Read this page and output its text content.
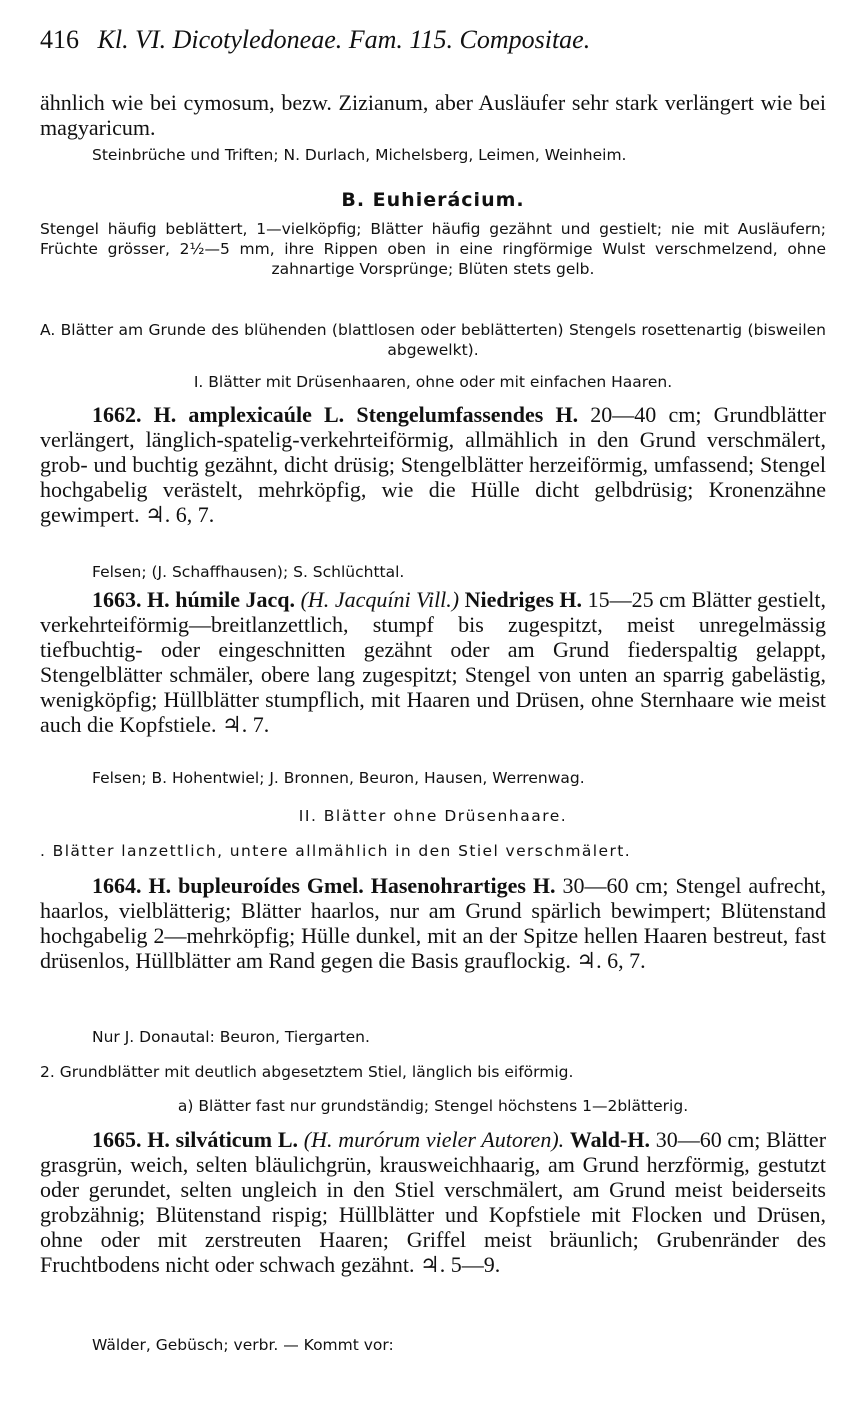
416 Kl. VI. Dicotyledoneae. Fam. 115. Compositae.
ähnlich wie bei cymosum, bezw. Zizianum, aber Ausläufer sehr stark verlängert wie bei magyaricum.
Steinbrüche und Triften; N. Durlach, Michelsberg, Leimen, Weinheim.
B. Euhierácium.
Stengel häufig beblättert, 1—vielköpfig; Blätter häufig gezähnt und gestielt; nie mit Ausläufern; Früchte grösser, 2½—5 mm, ihre Rippen oben in eine ringförmige Wulst verschmelzend, ohne zahnartige Vorsprünge; Blüten stets gelb.
A. Blätter am Grunde des blühenden (blattlosen oder beblätterten) Stengels rosettenartig (bisweilen abgewelkt).
I. Blätter mit Drüsenhaaren, ohne oder mit einfachen Haaren.
1662. H. amplexicaúle L. Stengelumfassendes H. 20—40 cm; Grundblätter verlängert, länglich-spatelig-verkehrteiförmig, allmählich in den Grund verschmälert, grob- und buchtig gezähnt, dicht drüsig; Stengelblätter herzeiförmig, umfassend; Stengel hochgabelig verästelt, mehrköpfig, wie die Hülle dicht gelbdrüsig; Kronenzähne gewimpert. ♃. 6, 7.
Felsen; (J. Schaffhausen); S. Schlüchttal.
1663. H. húmile Jacq. (H. Jacquíni Vill.) Niedriges H. 15—25 cm Blätter gestielt, verkehrteiförmig—breitlanzettlich, stumpf bis zugespitzt, meist unregelmässig tiefbuchtig- oder eingeschnitten gezähnt oder am Grund fiederspaltig gelappt, Stengelblätter schmäler, obere lang zugespitzt; Stengel von unten an sparrig gabelästig, wenigköpfig; Hüllblätter stumpflich, mit Haaren und Drüsen, ohne Sternhaare wie meist auch die Kopfstiele. ♃. 7.
Felsen; B. Hohentwiel; J. Bronnen, Beuron, Hausen, Werrenwag.
II. Blätter ohne Drüsenhaare.
. Blätter lanzettlich, untere allmählich in den Stiel verschmälert.
1664. H. bupleuroídes Gmel. Hasenohrartiges H. 30—60 cm; Stengel aufrecht, haarlos, vielblätterig; Blätter haarlos, nur am Grund spärlich bewimpert; Blütenstand hochgabelig 2—mehrköpfig; Hülle dunkel, mit an der Spitze hellen Haaren bestreut, fast drüsenlos, Hüllblätter am Rand gegen die Basis grauflockig. ♃. 6, 7.
Nur J. Donautal: Beuron, Tiergarten.
2. Grundblätter mit deutlich abgesetztem Stiel, länglich bis eiförmig.
a) Blätter fast nur grundständig; Stengel höchstens 1—2blätterig.
1665. H. silváticum L. (H. murórum vieler Autoren). Wald-H. 30—60 cm; Blätter grasgrün, weich, selten bläulichgrün, krausweichhaarig, am Grund herzförmig, gestutzt oder gerundet, selten ungleich in den Stiel verschmälert, am Grund meist beiderseits grobzähnig; Blütenstand rispig; Hüllblätter und Kopfstiele mit Flocken und Drüsen, ohne oder mit zerstreuten Haaren; Griffel meist bräunlich; Grubenränder des Fruchtbodens nicht oder schwach gezähnt. ♃. 5—9.
Wälder, Gebüsch; verbr. — Kommt vor:
